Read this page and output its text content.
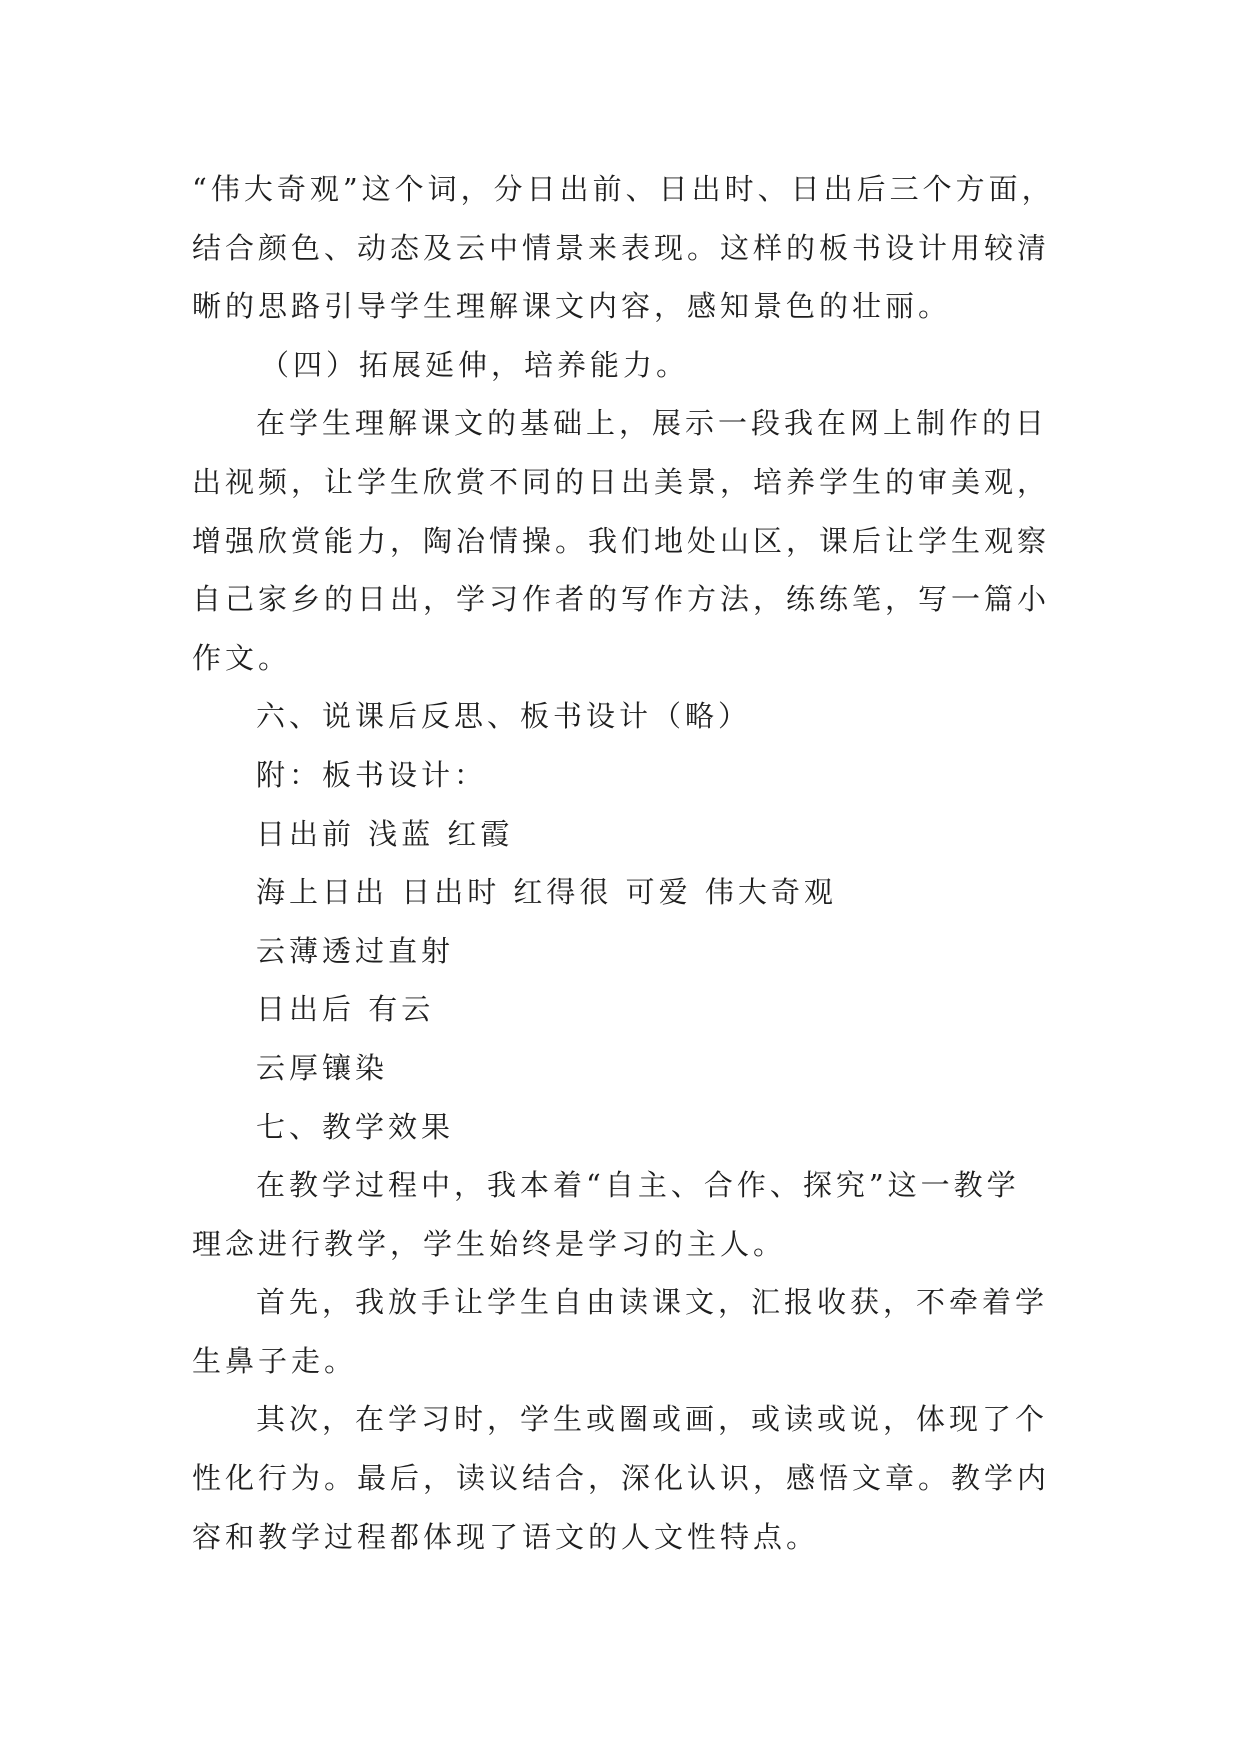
“伟大奇观”这个词，分日出前、日出时、日出后三个方面，
结合颜色、动态及云中情景来表现。这样的板书设计用较清
晰的思路引导学生理解课文内容，感知景色的壮丽。
（四）拓展延伸，培养能力。
在学生理解课文的基础上，展示一段我在网上制作的日
出视频，让学生欣赏不同的日出美景，培养学生的审美观，
增强欣赏能力，陶冶情操。我们地处山区，课后让学生观察
自己家乡的日出，学习作者的写作方法，练练笔，写一篇小
作文。
六、说课后反思、板书设计（略）
附：板书设计：
日出前 浅蓝 红霞
海上日出 日出时 红得很 可爱 伟大奇观
云薄透过直射
日出后 有云
云厚镶染
七、教学效果
在教学过程中，我本着“自主、合作、探究”这一教学
理念进行教学，学生始终是学习的主人。
首先，我放手让学生自由读课文，汇报收获，不牵着学
生鼻子走。
其次，在学习时，学生或圈或画，或读或说，体现了个
性化行为。最后，读议结合，深化认识，感悟文章。教学内
容和教学过程都体现了语文的人文性特点。
